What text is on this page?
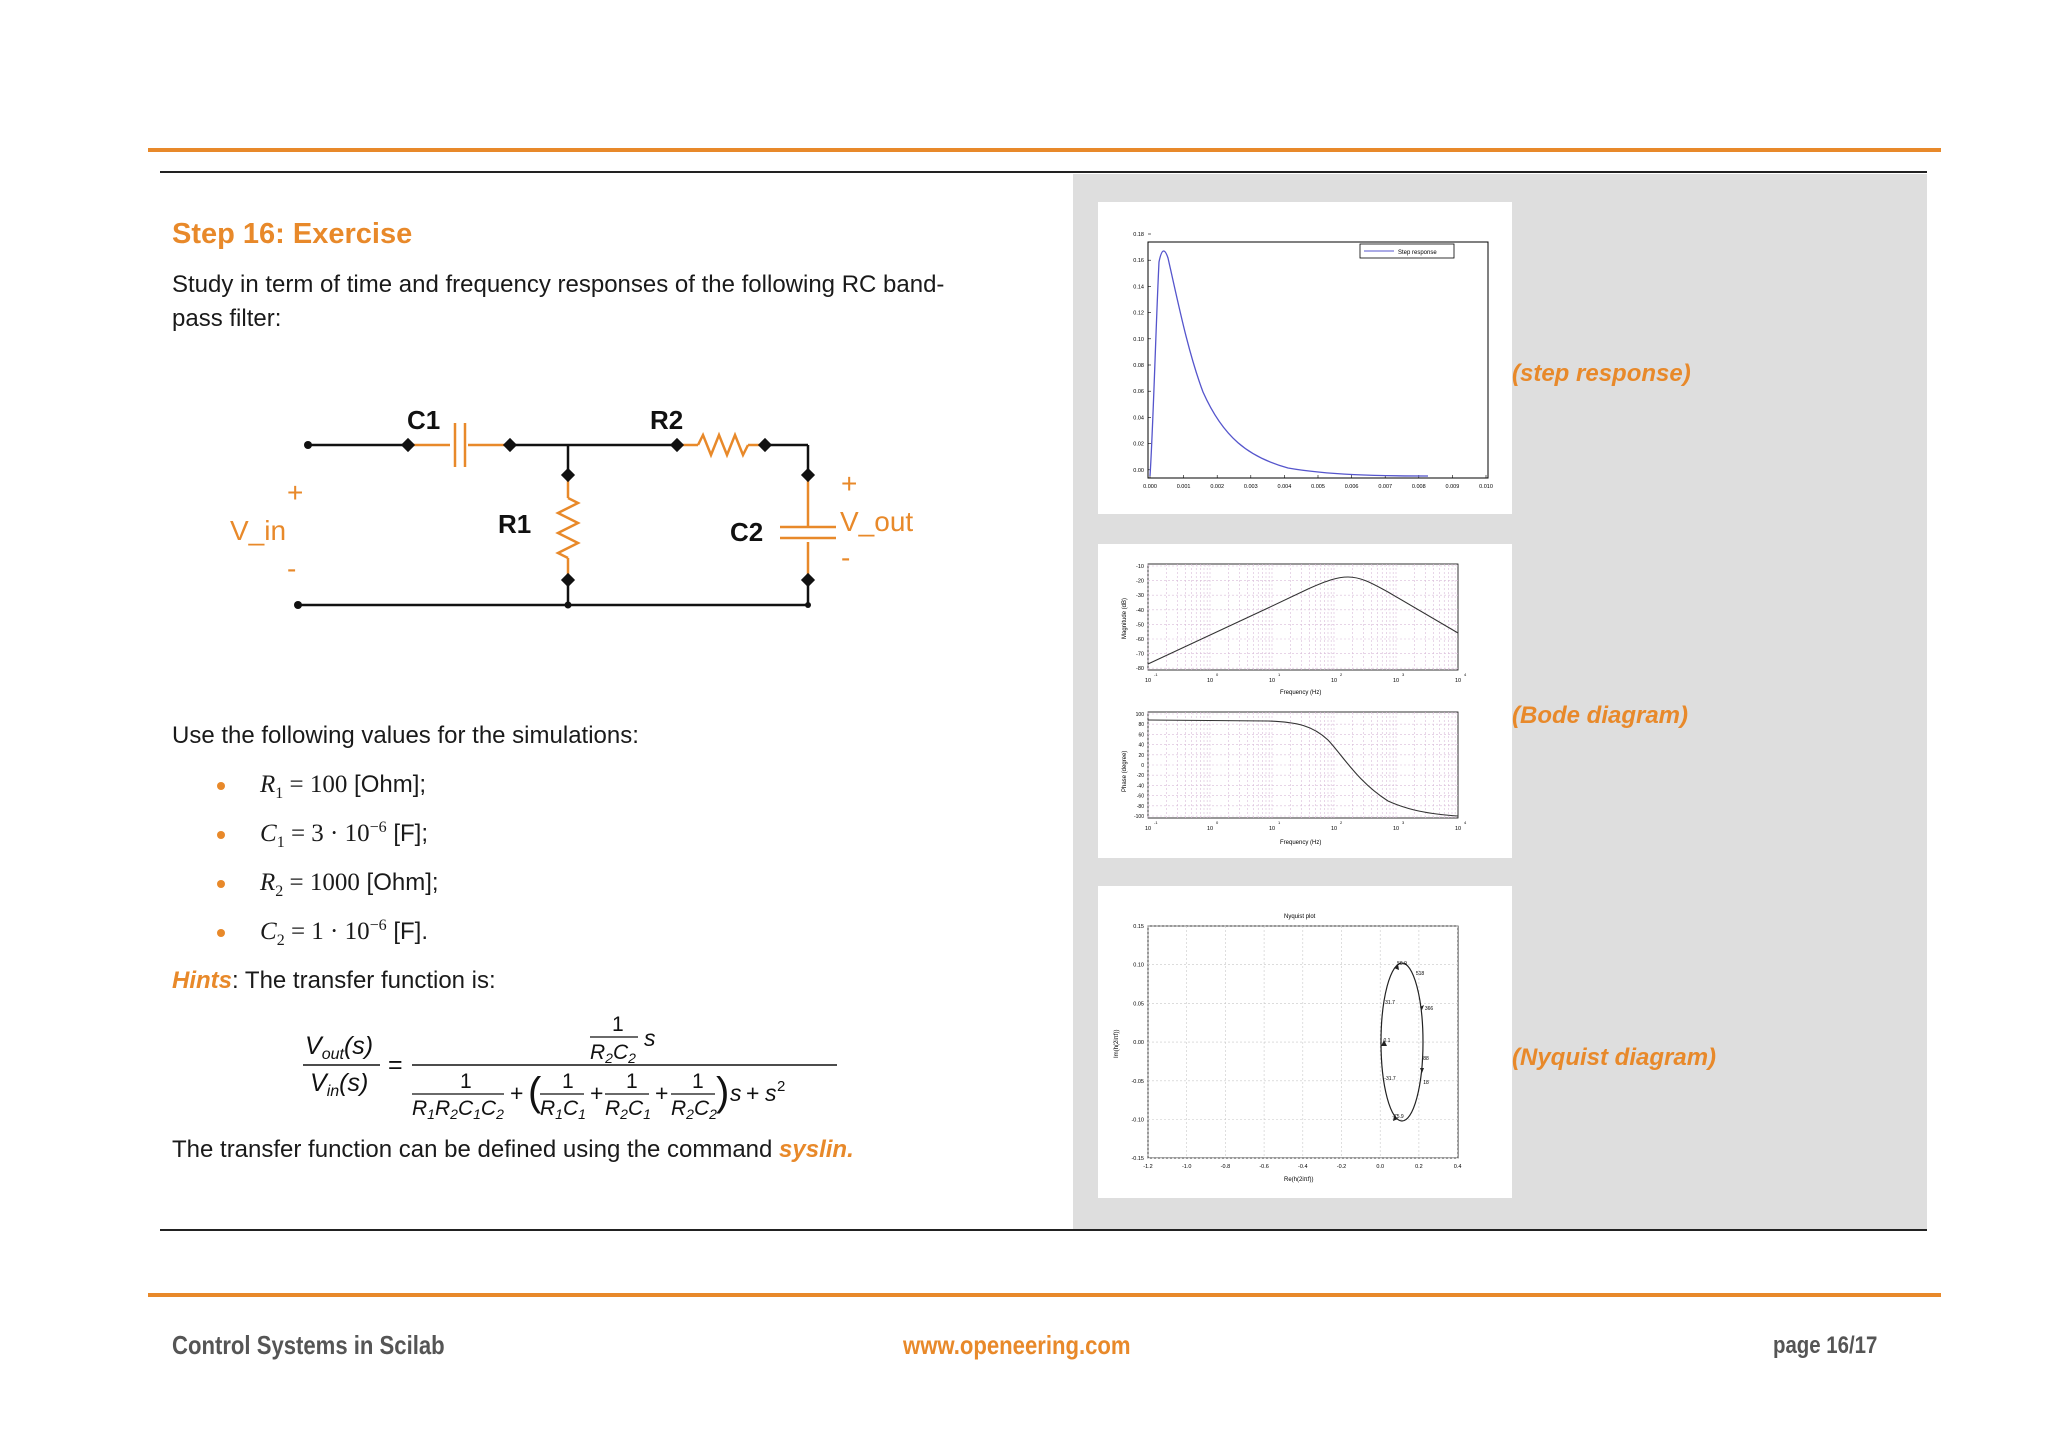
Step 16: Exercise
Study in term of time and frequency responses of the following RC band-pass filter:
C1	R2
R1	C2
+
V_in
-
+
V_out
-
Use the following values for the simulations:
$R_1 = 100$ [Ohm];
$C_1 = 3 \cdot 10^{-6}$ [F];
$R_2 = 1000$ [Ohm];
$C_2 = 1 \cdot 10^{-6}$ [F].
Hints: The transfer function is:
$V_{out}(s)$
$V_{in}(s)$
=
1
R2C2
s
1
R1R2C1C2
+ ( 1
R1C1
+ 1
R2C1
+ 1
R2C2 ) s + s 2
The transfer function can be defined using the command syslin.
0.18
0.16
0.14
0.12
0.10
0.08
0.06
0.04
0.02
0.00
0.000	0.001	0.002	0.003	0.004	0.005	0.006	0.007	0.008	0.009	0.010
Step response
(step response)
-10
-20
-30
-40
-50
-60
-70
-80
100
80
60
40
20
0
-20
-40
-60
-80
-100
10
-1
10
0
10
1
10
2
10
3
10
4
10
-1
10
0
10
1
10
2
10
3
10
4
Frequency (Hz)
Frequency (Hz)
Magnitude (dB)
Phase (degree)
(Bode diagram)
Nyquist plot
0.15
0.10
0.05
0.00
-0.05
-0.10
-0.15
-1.2	-1.0	-0.8	-0.6	-0.4	-0.2	0.0	0.2	0.4
Re(h(2iπf))
Im(h(2iπf))
56.9
518
31.7
366
0.1
-31.7
-75.9
88
18
(Nyquist diagram)
Control Systems in Scilab	www.openeering.com	page 16/17
